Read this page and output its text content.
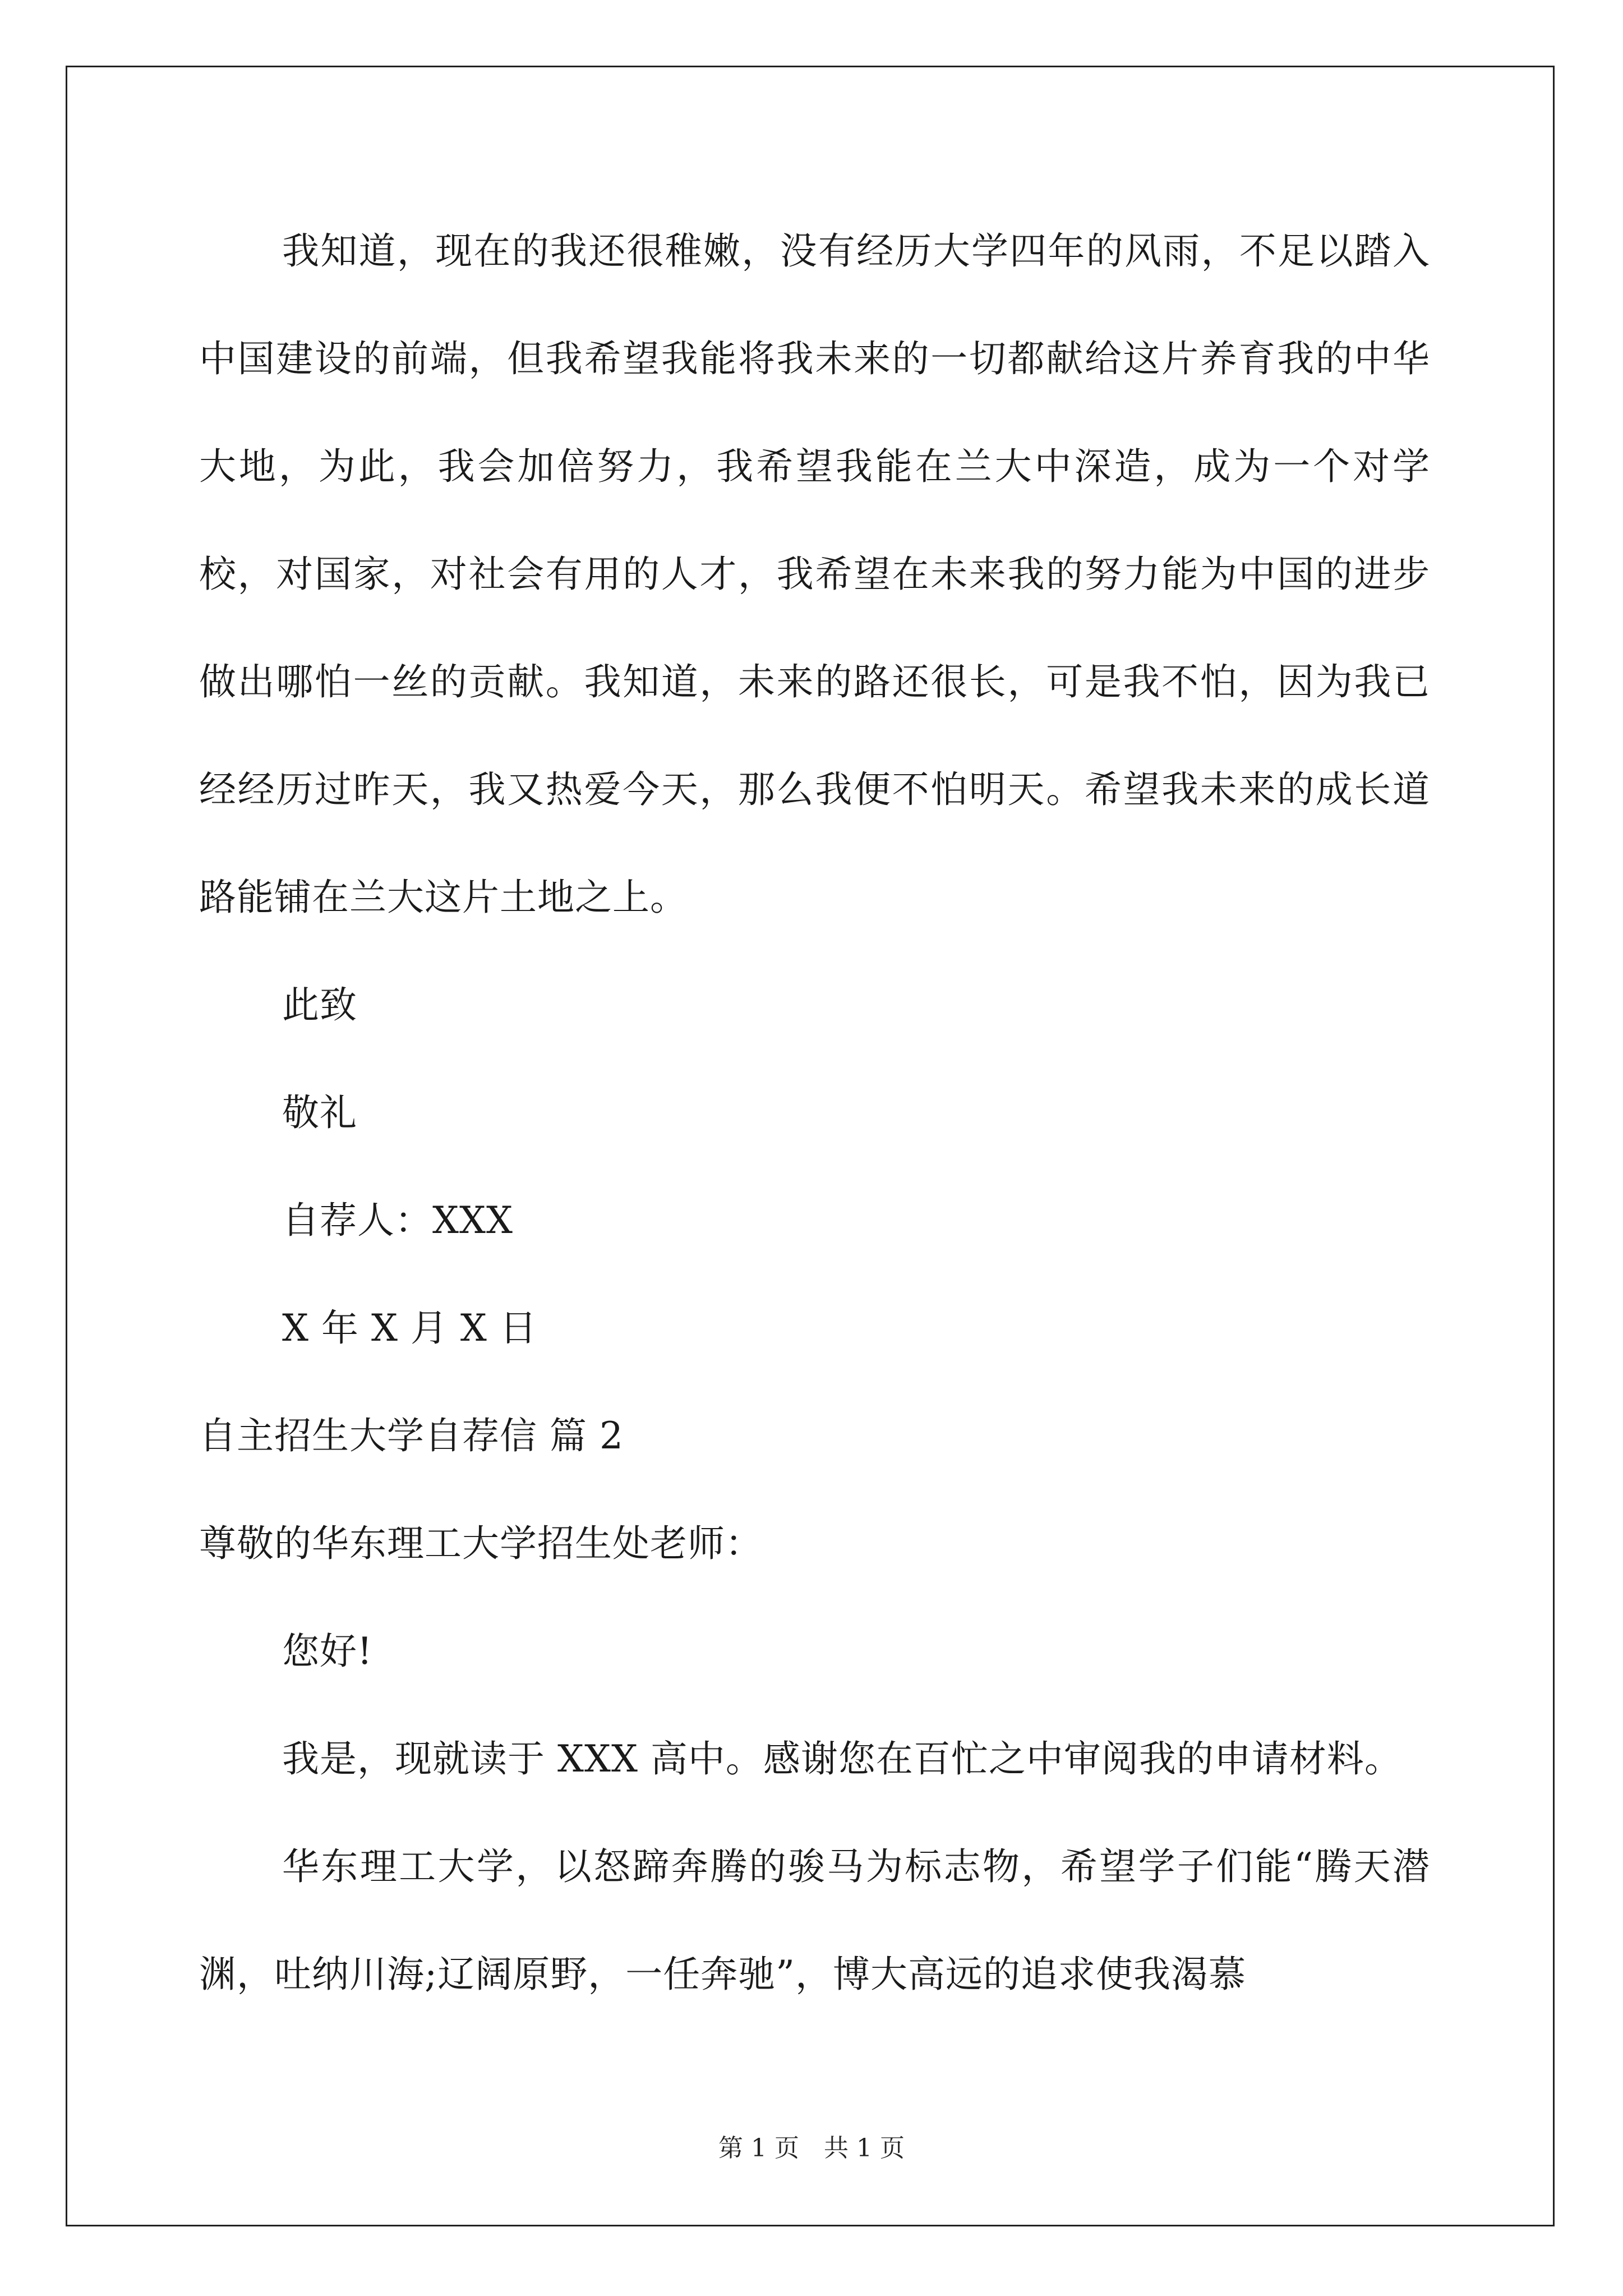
我知道，现在的我还很稚嫩，没有经历大学四年的风雨，不足以踏入中国建设的前端，但我希望我能将我未来的一切都献给这片养育我的中华大地，为此，我会加倍努力，我希望我能在兰大中深造，成为一个对学校，对国家，对社会有用的人才，我希望在未来我的努力能为中国的进步做出哪怕一丝的贡献。我知道，未来的路还很长，可是我不怕，因为我已经经历过昨天，我又热爱今天，那么我便不怕明天。希望我未来的成长道路能铺在兰大这片土地之上。

此致

敬礼

自荐人：XXX

X 年 X 月 X 日

自主招生大学自荐信 篇 2

尊敬的华东理工大学招生处老师：

您好!

我是，现就读于 XXX 高中。感谢您在百忙之中审阅我的申请材料。

华东理工大学，以怒蹄奔腾的骏马为标志物，希望学子们能“腾天潜渊，吐纳川海;辽阔原野，一任奔驰”，博大高远的追求使我渴慕

第 1 页　共 1 页
